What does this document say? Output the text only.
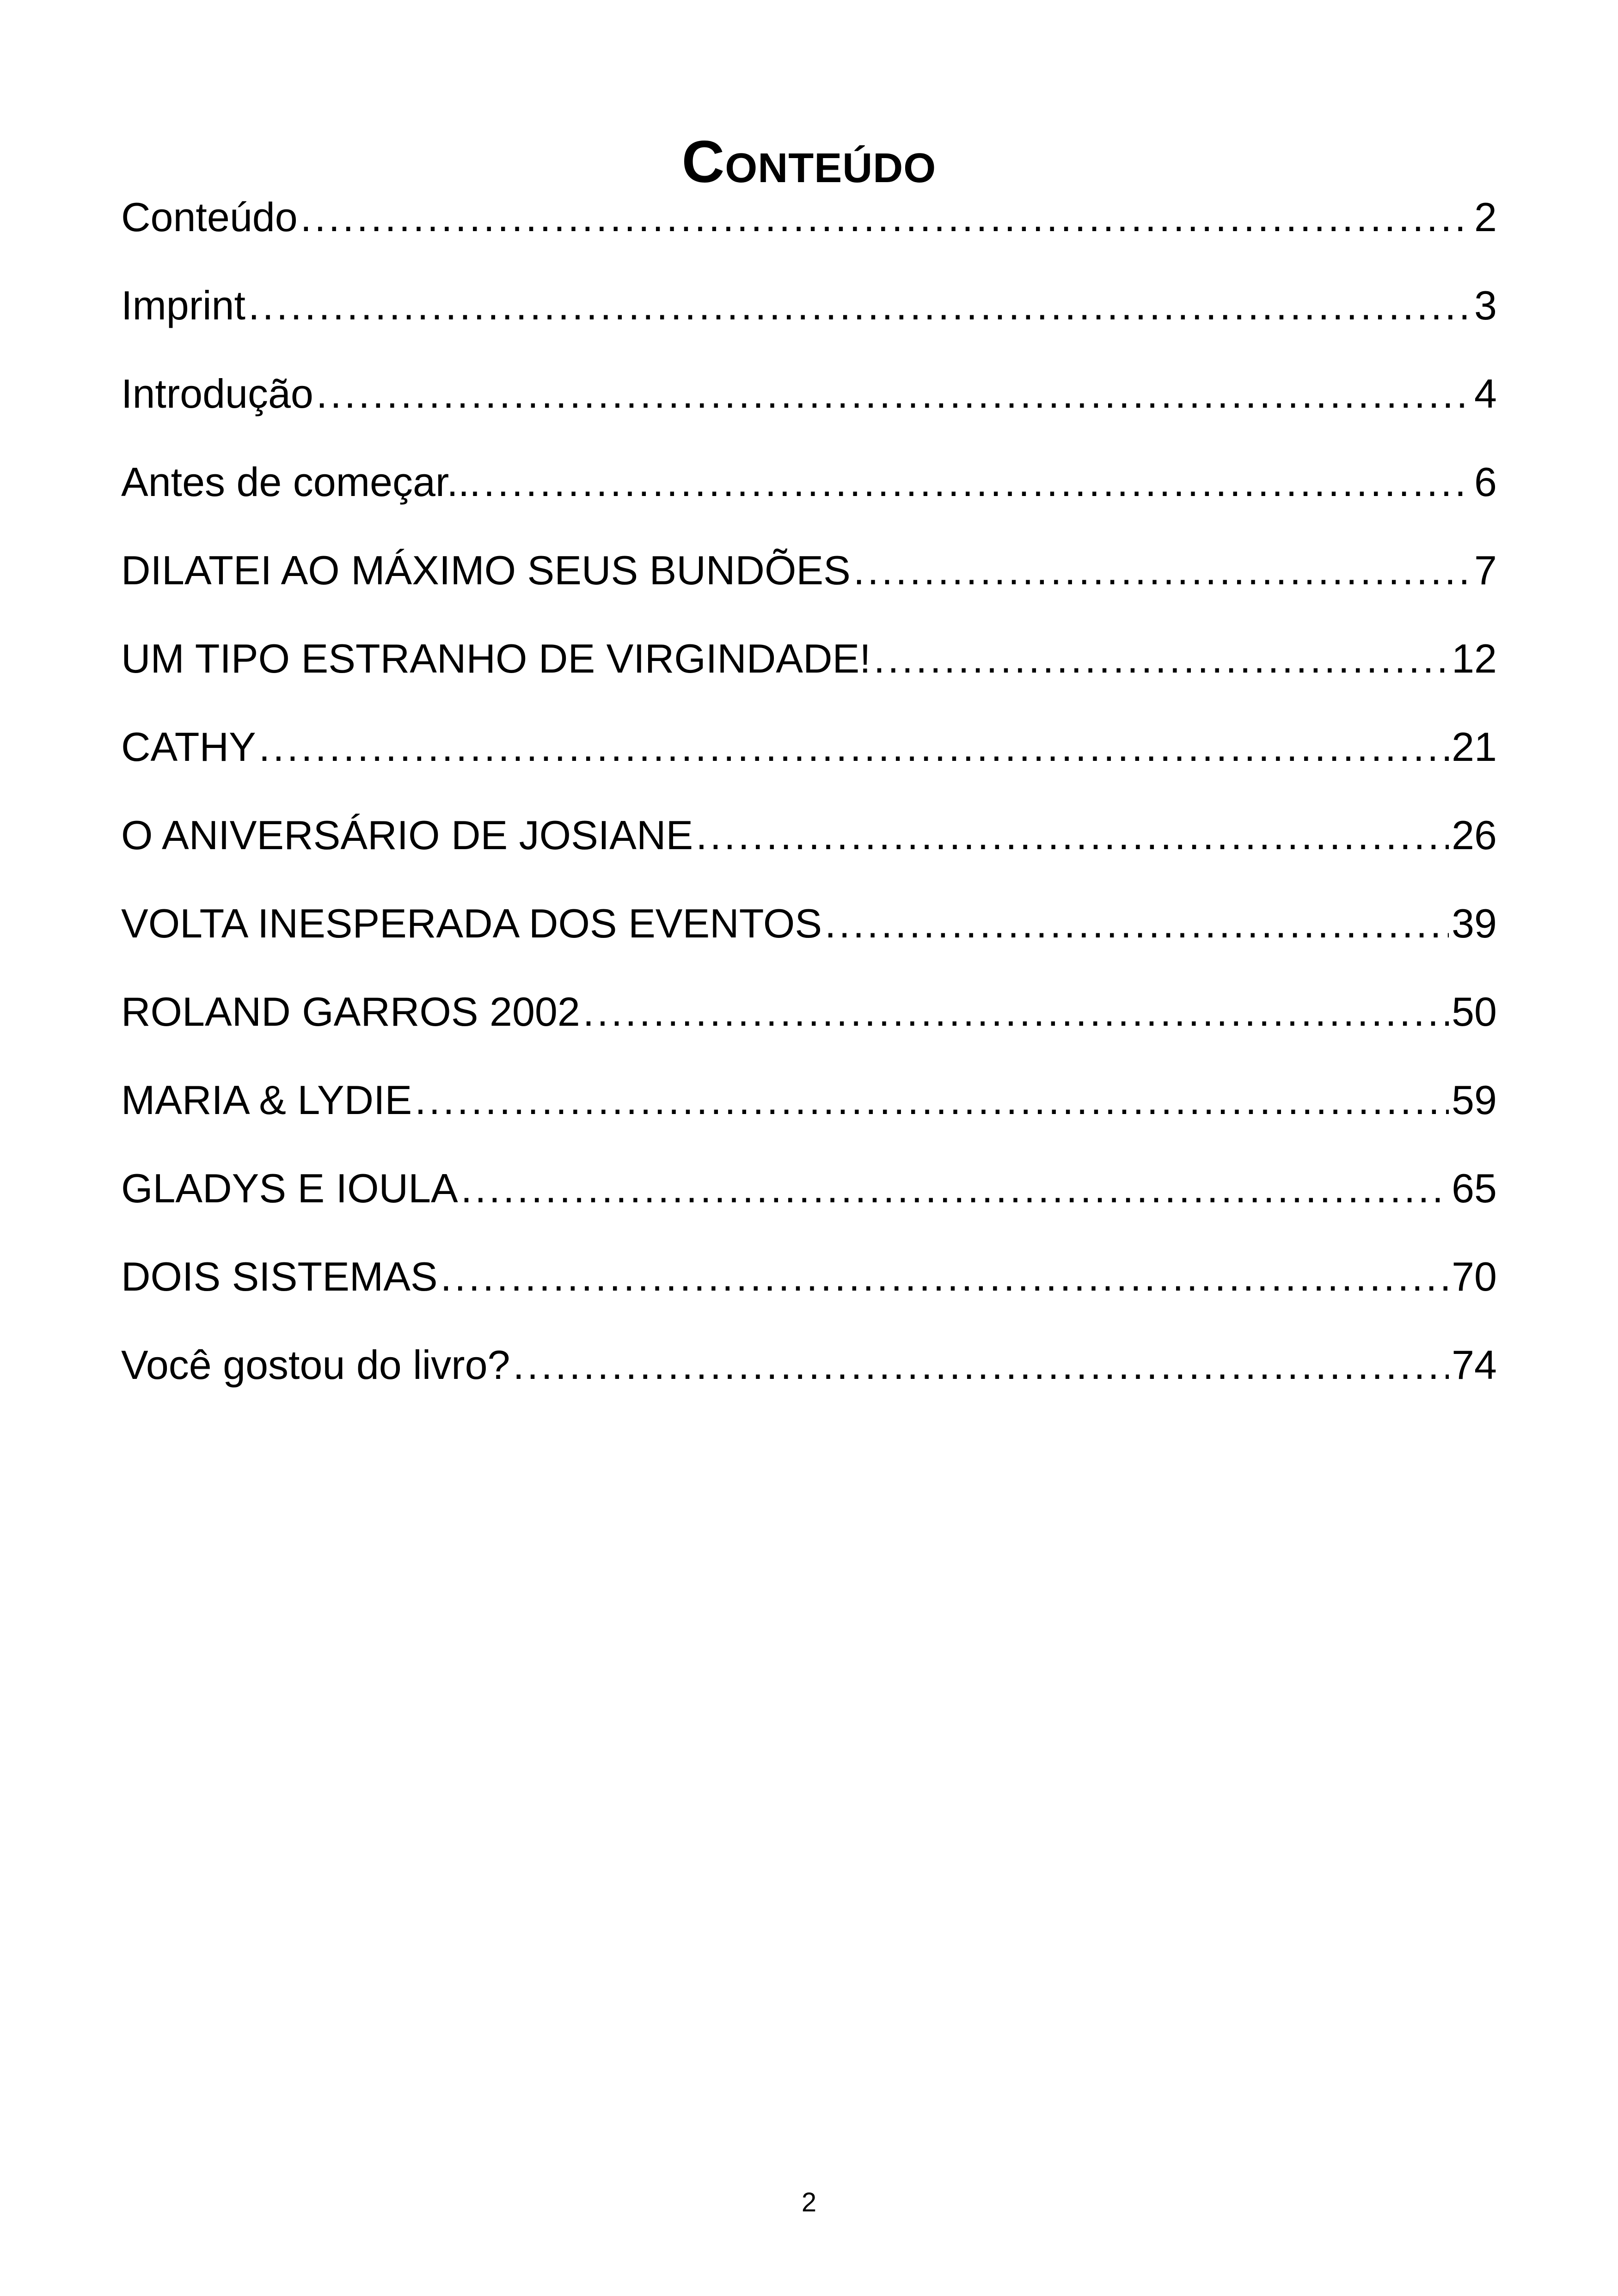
Conteúdo
Conteúdo .....	2
Imprint .....	3
Introdução .....	4
Antes de começar... .....	6
DILATEI AO MÁXIMO SEUS BUNDÕES .....	7
UM TIPO ESTRANHO DE VIRGINDADE! .....	12
CATHY .....	21
O ANIVERSÁRIO DE JOSIANE .....	26
VOLTA INESPERADA DOS EVENTOS .....	39
ROLAND GARROS 2002 .....	50
MARIA & LYDIE .....	59
GLADYS E IOULA .....	65
DOIS SISTEMAS .....	70
Você gostou do livro? .....	74
2
